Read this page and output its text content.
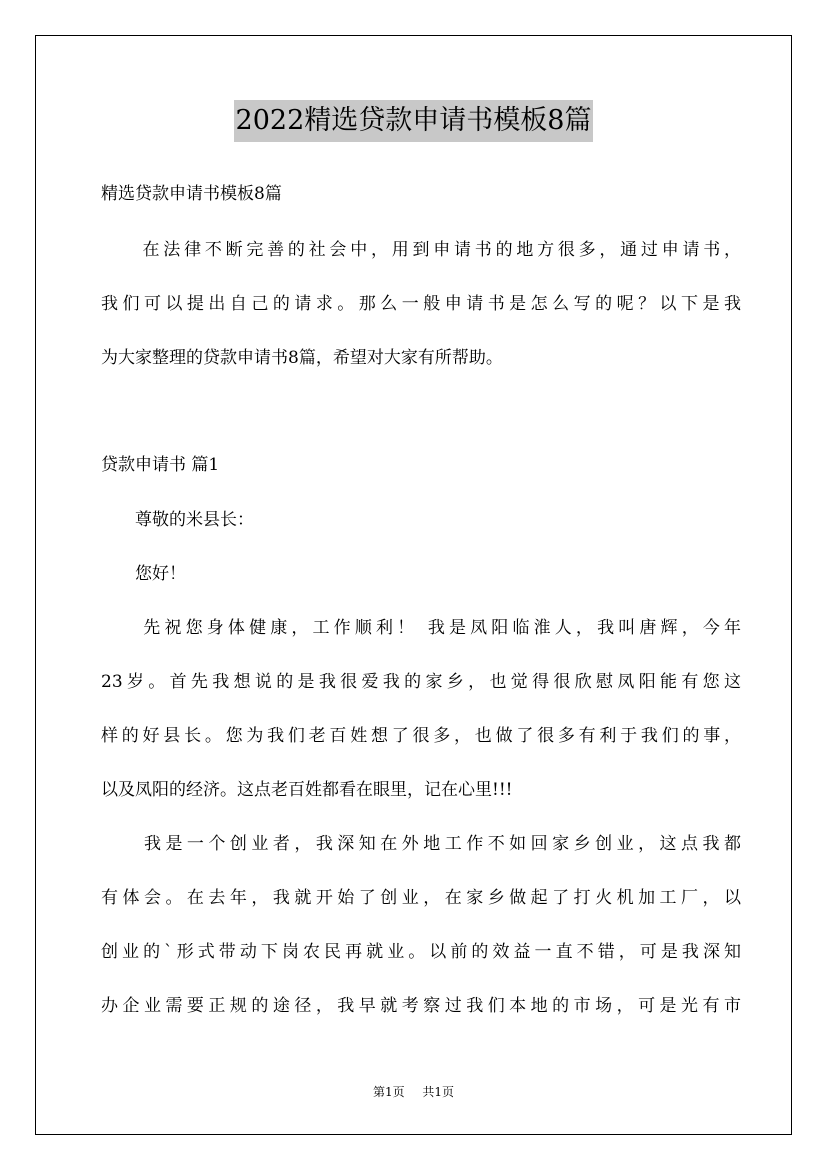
2022精选贷款申请书模板8篇
精选贷款申请书模板8篇
　　在法律不断完善的社会中，用到申请书的地方很多，通过申请书，
我们可以提出自己的请求。那么一般申请书是怎么写的呢？以下是我
为大家整理的贷款申请书8篇，希望对大家有所帮助。
贷款申请书 篇1
　　尊敬的米县长：
　　您好！
　　先祝您身体健康，工作顺利！ 我是凤阳临淮人，我叫唐辉，今年
23岁。首先我想说的是我很爱我的家乡，也觉得很欣慰凤阳能有您这
样的好县长。您为我们老百姓想了很多，也做了很多有利于我们的事，
以及凤阳的经济。这点老百姓都看在眼里，记在心里!!!
　　我是一个创业者，我深知在外地工作不如回家乡创业，这点我都
有体会。在去年，我就开始了创业，在家乡做起了打火机加工厂，以
创业的`形式带动下岗农民再就业。以前的效益一直不错，可是我深知
办企业需要正规的途径，我早就考察过我们本地的市场，可是光有市
第1页 共1页
